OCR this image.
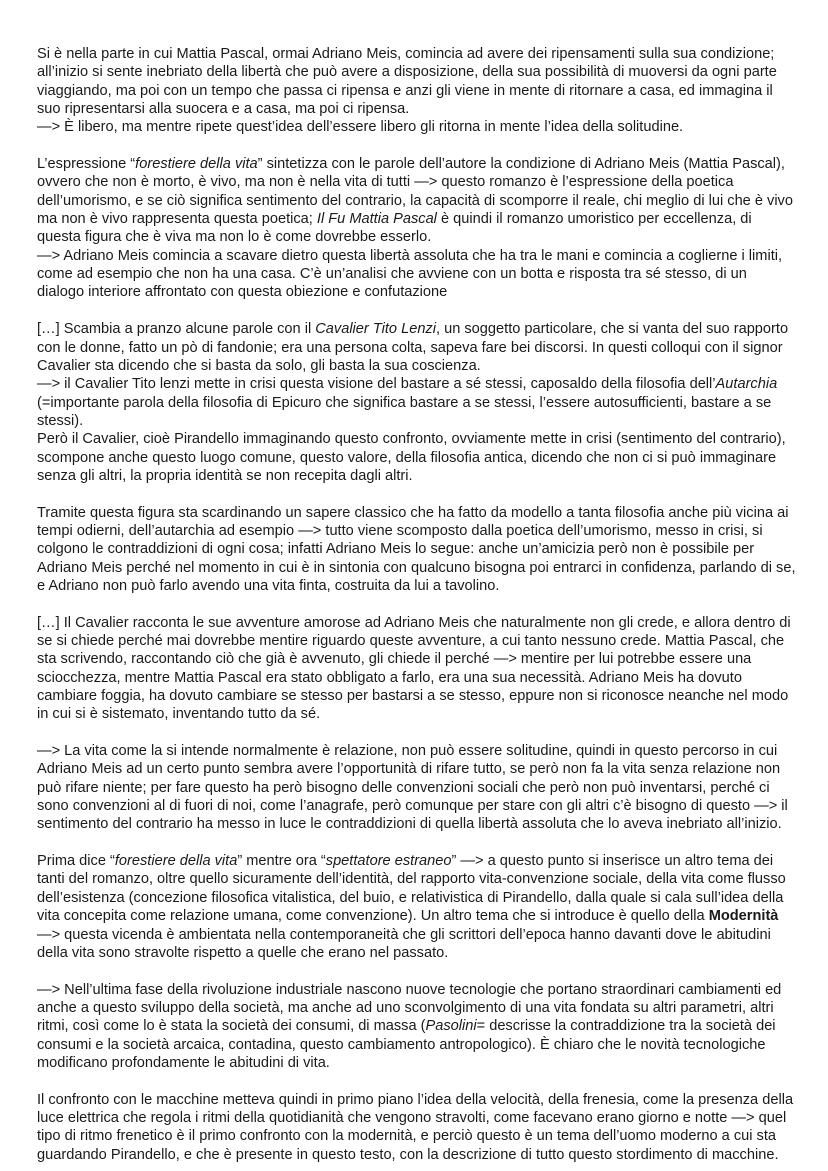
Si è nella parte in cui Mattia Pascal, ormai Adriano Meis, comincia ad avere dei ripensamenti sulla sua condizione; all’inizio si sente inebriato della libertà che può avere a disposizione, della sua possibilità di muoversi da ogni parte viaggiando, ma poi con un tempo che passa ci ripensa e anzi gli viene in mente di ritornare a casa, ed immagina il suo ripresentarsi alla suocera e a casa, ma poi ci ripensa.
—> È libero, ma mentre ripete quest’idea dell’essere libero gli ritorna in mente l’idea della solitudine.

L’espressione “forestiere della vita” sintetizza con le parole dell’autore la condizione di Adriano Meis (Mattia Pascal), ovvero che non è morto, è vivo, ma non è nella vita di tutti —> questo romanzo è l’espressione della poetica dell’umorismo, e se ciò significa sentimento del contrario, la capacità di scomporre il reale, chi meglio di lui che è vivo ma non è vivo rappresenta questa poetica; Il Fu Mattia Pascal è quindi il romanzo umoristico per eccellenza, di questa figura che è viva ma non lo è come dovrebbe esserlo.
—> Adriano Meis comincia a scavare dietro questa libertà assoluta che ha tra le mani e comincia a coglierne i limiti, come ad esempio che non ha una casa. C’è un’analisi che avviene con un botta e risposta tra sé stesso, di un dialogo interiore affrontato con questa obiezione e confutazione

[…] Scambia a pranzo alcune parole con il Cavalier Tito Lenzi, un soggetto particolare, che si vanta del suo rapporto con le donne, fatto un pò di fandonie; era una persona colta, sapeva fare bei discorsi. In questi colloqui con il signor Cavalier sta dicendo che si basta da solo, gli basta la sua coscienza.
—> il Cavalier Tito lenzi mette in crisi questa visione del bastare a sé stessi, caposaldo della filosofia dell’Autarchia (=importante parola della filosofia di Epicuro che significa bastare a se stessi, l’essere autosufficienti, bastare a se stessi).
Però il Cavalier, cioè Pirandello immaginando questo confronto, ovviamente mette in crisi (sentimento del contrario), scompone anche questo luogo comune, questo valore, della filosofia antica, dicendo che non ci si può immaginare senza gli altri, la propria identità se non recepita dagli altri.

Tramite questa figura sta scardinando un sapere classico che ha fatto da modello a tanta filosofia anche più vicina ai tempi odierni, dell’autarchia ad esempio —> tutto viene scomposto dalla poetica dell’umorismo, messo in crisi, si colgono le contraddizioni di ogni cosa; infatti Adriano Meis lo segue: anche un’amicizia però non è possibile per Adriano Meis perché nel momento in cui è in sintonia con qualcuno bisogna poi entrarci in confidenza, parlando di se, e Adriano non può farlo avendo una vita finta, costruita da lui a tavolino.

[…] Il Cavalier racconta le sue avventure amorose ad Adriano Meis che naturalmente non gli crede, e allora dentro di se si chiede perché mai dovrebbe mentire riguardo queste avventure, a cui tanto nessuno crede. Mattia Pascal, che sta scrivendo, raccontando ciò che già è avvenuto, gli chiede il perché —> mentire per lui potrebbe essere una sciocchezza, mentre Mattia Pascal era stato obbligato a farlo, era una sua necessità. Adriano Meis ha dovuto cambiare foggia, ha dovuto cambiare se stesso per bastarsi a se stesso, eppure non si riconosce neanche nel modo in cui si è sistemato, inventando tutto da sé.

—> La vita come la si intende normalmente è relazione, non può essere solitudine, quindi in questo percorso in cui Adriano Meis ad un certo punto sembra avere l’opportunità di rifare tutto, se però non fa la vita senza relazione non può rifare niente; per fare questo ha però bisogno delle convenzioni sociali che però non può inventarsi, perché ci sono convenzioni al di fuori di noi, come l’anagrafe, però comunque per stare con gli altri c’è bisogno di questo —> il sentimento del contrario ha messo in luce le contraddizioni di quella libertà assoluta che lo aveva inebriato all’inizio.

Prima dice “forestiere della vita” mentre ora “spettatore estraneo” —> a questo punto si inserisce un altro tema dei tanti del romanzo, oltre quello sicuramente dell’identità, del rapporto vita-convenzione sociale, della vita come flusso dell’esistenza (concezione filosofica vitalistica, del buio, e relativistica di Pirandello, dalla quale si cala sull’idea della vita concepita come relazione umana, come convenzione). Un altro tema che si introduce è quello della Modernità —> questa vicenda è ambientata nella contemporaneità che gli scrittori dell’epoca hanno davanti dove le abitudini della vita sono stravolte rispetto a quelle che erano nel passato.

—> Nell’ultima fase della rivoluzione industriale nascono nuove tecnologie che portano straordinari cambiamenti ed anche a questo sviluppo della società, ma anche ad uno sconvolgimento di una vita fondata su altri parametri, altri ritmi, così come lo è stata la società dei consumi, di massa (Pasolini= descrisse la contraddizione tra la società dei consumi e la società arcaica, contadina, questo cambiamento antropologico). È chiaro che le novità tecnologiche modificano profondamente le abitudini di vita.

Il confronto con le macchine metteva quindi in primo piano l’idea della velocità, della frenesia, come la presenza della luce elettrica che regola i ritmi della quotidianità che vengono stravolti, come facevano erano giorno e notte —> quel tipo di ritmo frenetico è il primo confronto con la modernità, e perciò questo è un tema dell’uomo moderno a cui sta guardando Pirandello, e che è presente in questo testo, con la descrizione di tutto questo stordimento di macchine.
